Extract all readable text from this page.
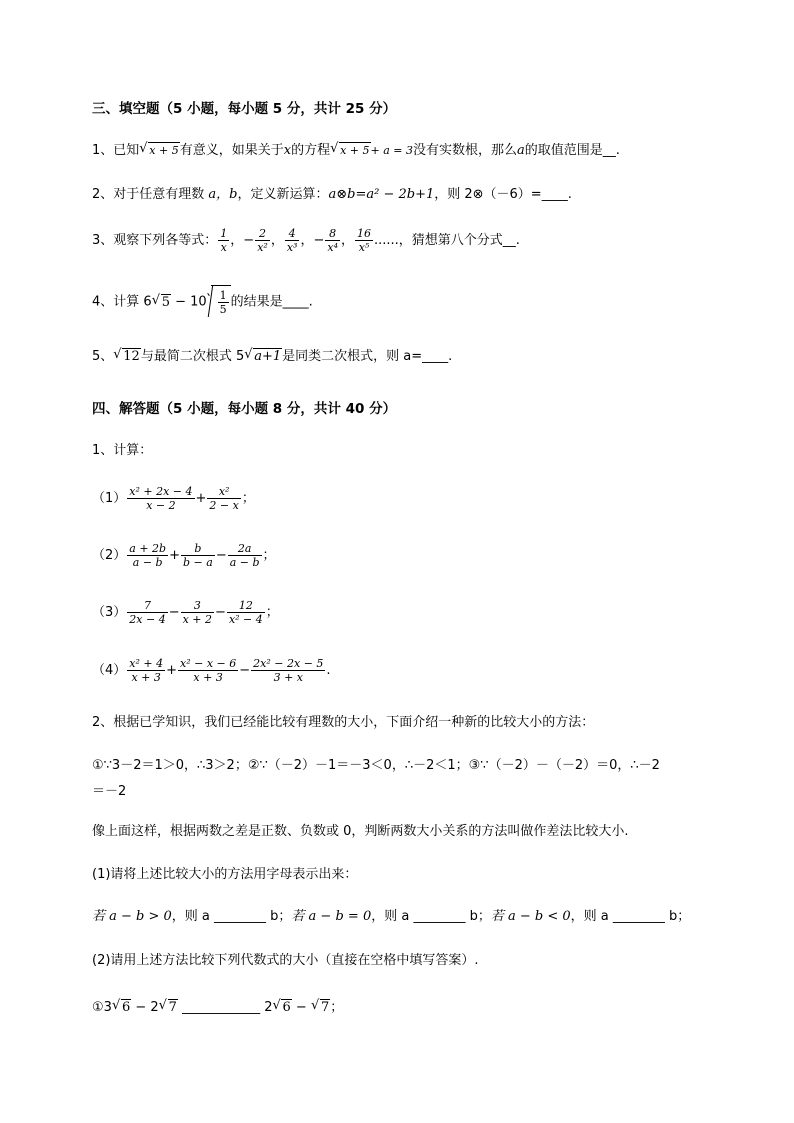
三、填空题（5 小题，每小题 5 分，共计 25 分）
1、已知 √ x + 5有意义，如果关于x的方程 √ x + 5+ a = 3没有实数根，那么a的取值范围是__.
2、对于任意有理数 a，b，定义新运算：a⊗b=a² − 2b+1，则 2⊗（－6）=____.
3、观察下列各等式： $\frac{1}{x}$ ，− $\frac{2}{\text{x²}}$ ， $\frac{4}{\text{x³}}$ ，− $\frac{8}{\text{x⁴}}$ ， $\frac{16}{\text{x⁵}}$ ......，猜想第八个分式__.
4、计算 6 √ $5 - 10 \frac{1}{5}$ 的结果是____.
5、 √ 12与最简二次根式 5 √ a+1是同类二次根式，则 a=____.
四、解答题（5 小题，每小题 8 分，共计 40 分）
1、计算：
$(1) \frac{\text{x² + 2x − 4}}{x - 2} + \frac{\text{x²}}{2 - x}$ ；
$(2) \frac{a + 2b}{a - b} + \frac{b}{b - a} - \frac{2a}{a - b}$ ；
$(3) \frac{7}{2x - 4} - \frac{3}{x + 2} - \frac{12}{\text{x² − 4}}$ ；
$(4) \frac{\text{x² + 4}}{x + 3} + \frac{\text{x² − x − 6}}{x + 3} - \frac{\text{2x² − 2x − 5}}{3 + x}$ .
2、根据已学知识，我们已经能比较有理数的大小，下面介绍一种新的比较大小的方法：
①∵3－2＝1＞0，∴3＞2；②∵（－2）－1＝－3＜0，∴－2＜1；③∵（－2）－（－2）＝0，∴－2
＝－2
像上面这样，根据两数之差是正数、负数或 0，判断两数大小关系的方法叫做作差法比较大小.
(1)请将上述比较大小的方法用字母表示出来：
若 a − b > 0，则 a ________ b；若 a − b = 0，则 a ________ b；若 a − b < 0，则 a ________ b；
(2)请用上述方法比较下列代数式的大小（直接在空格中填写答案）.
①3 √ 6 − 2 √ 7 ____________ 2 √ 6 − √ 7；
